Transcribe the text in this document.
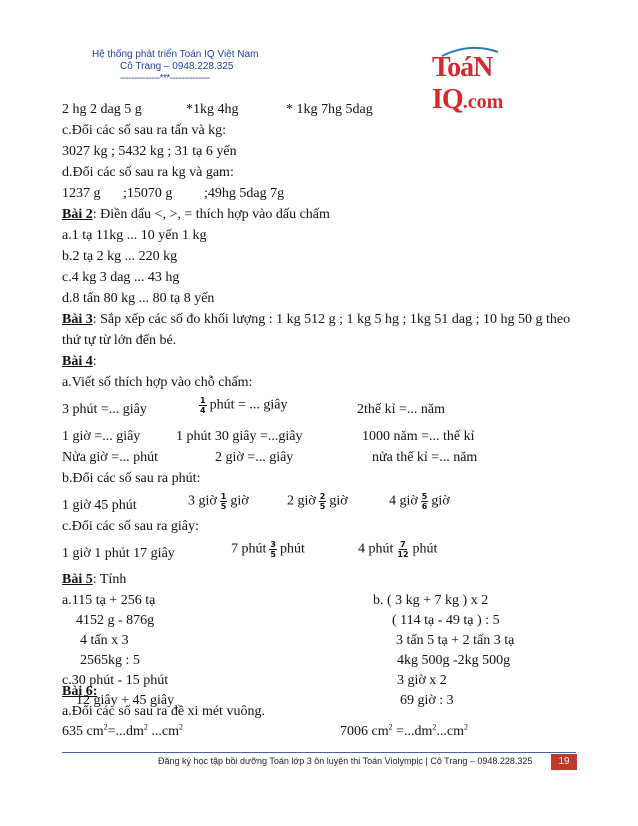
Hệ thống phát triển Toán IQ Việt Nam
Cô Trang – 0948.228.325
--------------***--------------	ToáN IQ.com
2 hg 2 dag 5 g	*1kg 4hg	* 1kg 7hg 5dag
c.Đổi các số sau ra tấn và kg:
3027 kg ; 5432 kg ; 31 tạ 6 yến
d.Đổi các số sau ra kg và gam:
1237 g ;15070 g ;49hg 5dag 7g
Bài 2: Điền dấu <, >, = thích hợp vào dấu chấm
a.1 tạ 11kg ... 10 yến 1 kg
b.2 tạ 2 kg ... 220 kg
c.4 kg 3 dag ... 43 hg
d.8 tấn 80 kg ... 80 tạ 8 yến
Bài 3: Sắp xếp các số đo khối lượng : 1 kg 512 g ; 1 kg 5 hg ; 1kg 51 dag ; 10 hg 50 g theo
thứ tự từ lớn đến bé.
Bài 4:
a.Viết số thích hợp vào chỗ chấm:
3 phút =... giây	$\frac{1}{4}$ phút = ... giây	2thế kỉ =... năm
1 giờ =... giây	1 phút 30 giây =...giây	1000 năm =... thế kỉ
Nửa giờ =... phút	2 giờ =... giây	nửa thế kỉ =... năm
b.Đổi các số sau ra phút:
1 giờ 45 phút	3 giờ $\frac{1}{5}$ giờ	2 giờ $\frac{2}{5}$ giờ	4 giờ $\frac{5}{6}$ giờ
c.Đổi các số sau ra giây:
1 giờ 1 phút 17 giây	7 phút $\frac{3}{5}$ phút	4 phút $\frac{7}{12}$ phút
Bài 5: Tính
a.115 tạ + 256 tạ	b. ( 3 kg + 7 kg ) x 2
4152 g - 876g	( 114 tạ - 49 tạ ) : 5
4 tấn x 3	3 tấn 5 tạ + 2 tấn 3 tạ
2565kg : 5	4kg 500g -2kg 500g
c.30 phút - 15 phút	3 giờ x 2
12 giây + 45 giây	69 giờ : 3
Bài 6:
a.Đổi các số sau ra đề xi mét vuông.
Đăng ký học tập bồi dưỡng Toán lớp 3 ôn luyện thi Toán Violympic | Cô Trang – 0948.228.325	19
635 $cm^2=...dm^2$ $...cm^2$	7006 $cm^2 =...dm^2...cm^2$
